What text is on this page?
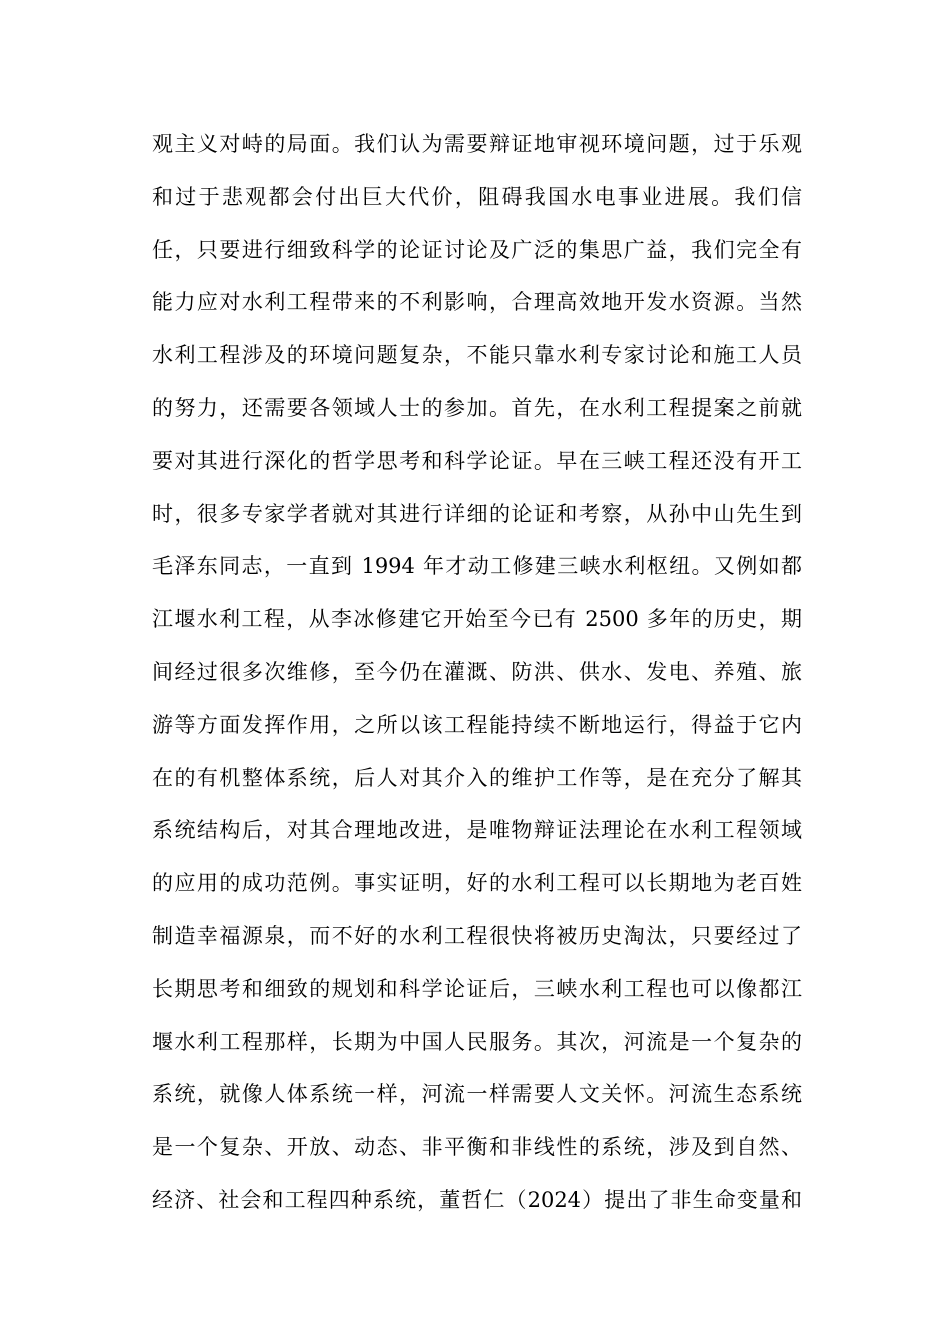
观主义对峙的局面。我们认为需要辩证地审视环境问题，过于乐观
和过于悲观都会付出巨大代价，阻碍我国水电事业进展。我们信
任，只要进行细致科学的论证讨论及广泛的集思广益，我们完全有
能力应对水利工程带来的不利影响，合理高效地开发水资源。当然
水利工程涉及的环境问题复杂，不能只靠水利专家讨论和施工人员
的努力，还需要各领域人士的参加。首先，在水利工程提案之前就
要对其进行深化的哲学思考和科学论证。早在三峡工程还没有开工
时，很多专家学者就对其进行详细的论证和考察，从孙中山先生到
毛泽东同志，一直到 1994 年才动工修建三峡水利枢纽。又例如都
江堰水利工程，从李冰修建它开始至今已有 2500 多年的历史，期
间经过很多次维修，至今仍在灌溉、防洪、供水、发电、养殖、旅
游等方面发挥作用，之所以该工程能持续不断地运行，得益于它内
在的有机整体系统，后人对其介入的维护工作等，是在充分了解其
系统结构后，对其合理地改进，是唯物辩证法理论在水利工程领域
的应用的成功范例。事实证明，好的水利工程可以长期地为老百姓
制造幸福源泉，而不好的水利工程很快将被历史淘汰，只要经过了
长期思考和细致的规划和科学论证后，三峡水利工程也可以像都江
堰水利工程那样，长期为中国人民服务。其次，河流是一个复杂的
系统，就像人体系统一样，河流一样需要人文关怀。河流生态系统
是一个复杂、开放、动态、非平衡和非线性的系统，涉及到自然、
经济、社会和工程四种系统，董哲仁（2024）提出了非生命变量和
